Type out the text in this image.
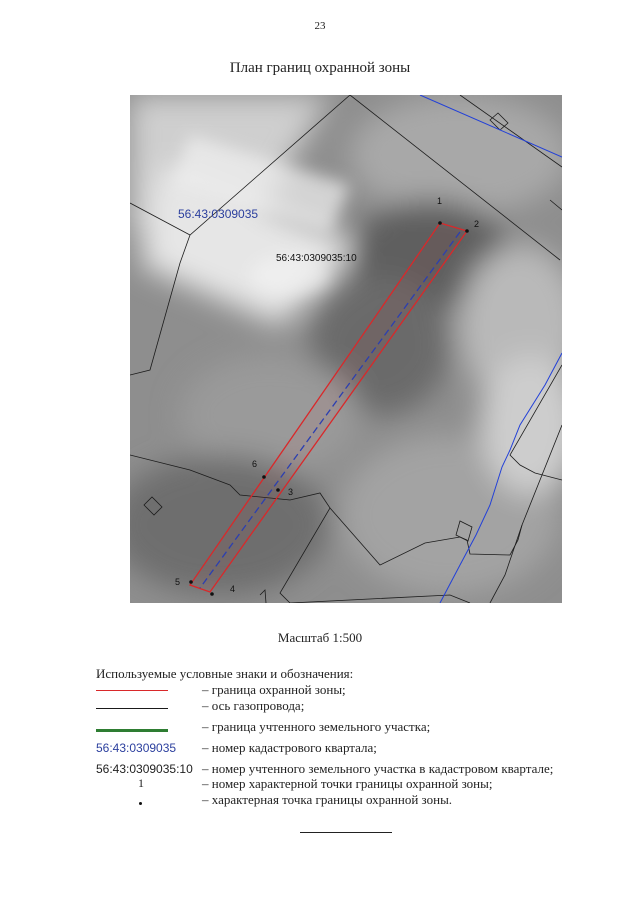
23
План границ охранной зоны
56:43:0309035
56:43:0309035:10
1
2
3
4
5
6
Масштаб 1:500
Используемые условные знаки и обозначения:
– граница охранной зоны;
– ось газопровода;
– граница учтенного земельного участка;
56:43:0309035	– номер кадастрового квартала;
56:43:0309035:10 – номер учтенного земельного участка в кадастровом квартале;
1	– номер характерной точки границы охранной зоны;
– характерная точка границы охранной зоны.
